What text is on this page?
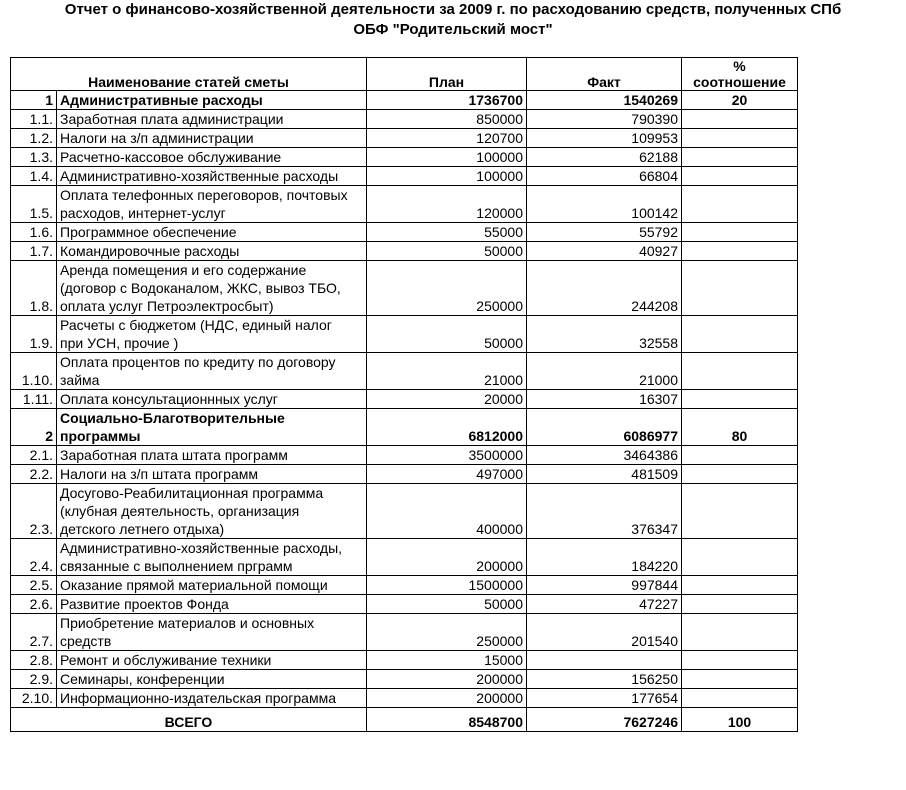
Отчет о финансово-хозяйственной деятельности за 2009 г. по расходованию средств, полученных СПб
ОБФ "Родительский мост"
Наименование статей сметы		План	Факт	% соотношение
1	Административные расходы	1736700	1540269	20
1.1.	Заработная плата администрации	850000	790390	
1.2.	Налоги на з/п администрации	120700	109953	
1.3.	Расчетно-кассовое обслуживание	100000	62188	
1.4.	Административно-хозяйственные расходы	100000	66804	
1.5.	Оплата телефонных переговоров, почтовых
расходов, интернет-услуг	120000	100142	
1.6.	Программное обеспечение	55000	55792	
1.7.	Командировочные расходы	50000	40927	
1.8.	Аренда помещения и его содержание
(договор с Водоканалом, ЖКС, вывоз ТБО,
оплата услуг Петроэлектросбыт)	250000	244208	
1.9.	Расчеты с бюджетом (НДС, единый налог
при УСН, прочие )	50000	32558	
1.10.	Оплата процентов по кредиту по договору
займа	21000	21000	
1.11.	Оплата консультационнных услуг	20000	16307	
2	Социально-Благотворительные
программы	6812000	6086977	80
2.1.	Заработная плата штата программ	3500000	3464386	
2.2.	Налоги на з/п штата программ	497000	481509	
2.3.	Досугово-Реабилитационная программа
(клубная деятельность, организация
детского летнего отдыха)	400000	376347	
2.4.	Административно-хозяйственные расходы,
связанные с выполнением прграмм	200000	184220	
2.5.	Оказание прямой материальной помощи	1500000	997844	
2.6.	Развитие проектов Фонда	50000	47227	
2.7.	Приобретение материалов и основных
средств	250000	201540	
2.8.	Ремонт и обслуживание техники	15000		
2.9.	Семинары, конференции	200000	156250	
2.10.	Информационно-издательская программа	200000	177654	
ВСЕГО		8548700	7627246	100
